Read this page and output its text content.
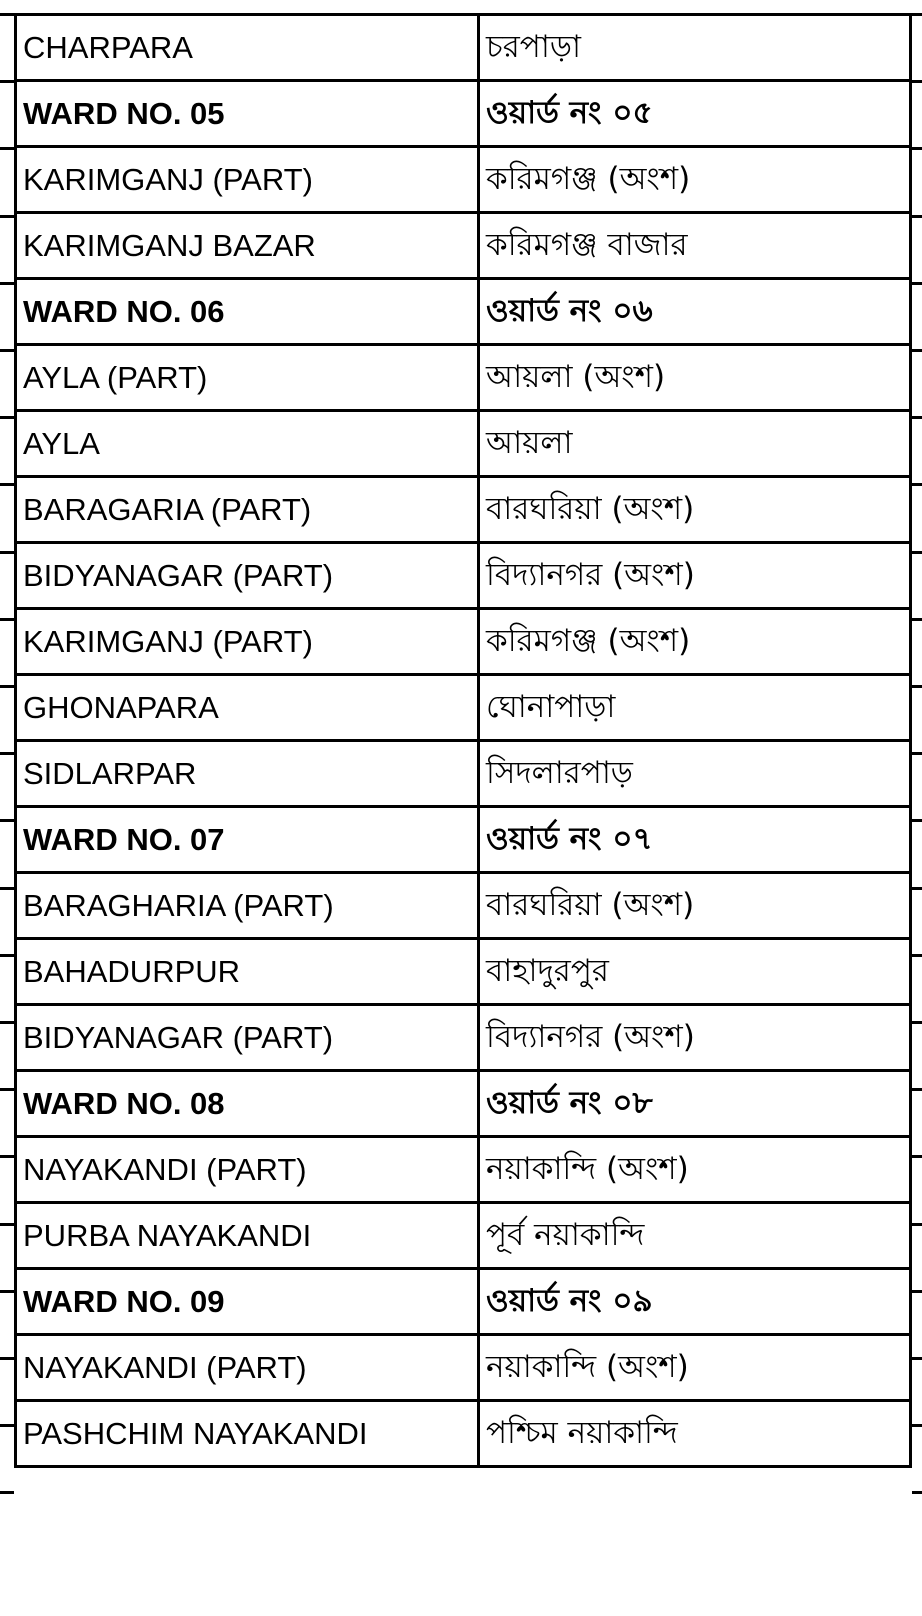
CHARPARA	চরপাড়া
WARD NO. 05	ওয়ার্ড নং ০৫
KARIMGANJ (PART)	করিমগঞ্জ (অংশ)
KARIMGANJ BAZAR	করিমগঞ্জ বাজার
WARD NO. 06	ওয়ার্ড নং ০৬
AYLA (PART)	আয়লা (অংশ)
AYLA	আয়লা
BARAGARIA (PART)	বারঘরিয়া (অংশ)
BIDYANAGAR (PART)	বিদ্যানগর (অংশ)
KARIMGANJ (PART)	করিমগঞ্জ (অংশ)
GHONAPARA	ঘোনাপাড়া
SIDLARPAR	সিদলারপাড়
WARD NO. 07	ওয়ার্ড নং ০৭
BARAGHARIA (PART)	বারঘরিয়া (অংশ)
BAHADURPUR	বাহাদুরপুর
BIDYANAGAR (PART)	বিদ্যানগর (অংশ)
WARD NO. 08	ওয়ার্ড নং ০৮
NAYAKANDI (PART)	নয়াকান্দি (অংশ)
PURBA NAYAKANDI	পূর্ব নয়াকান্দি
WARD NO. 09	ওয়ার্ড নং ০৯
NAYAKANDI (PART)	নয়াকান্দি (অংশ)
PASHCHIM NAYAKANDI	পশ্চিম নয়াকান্দি
